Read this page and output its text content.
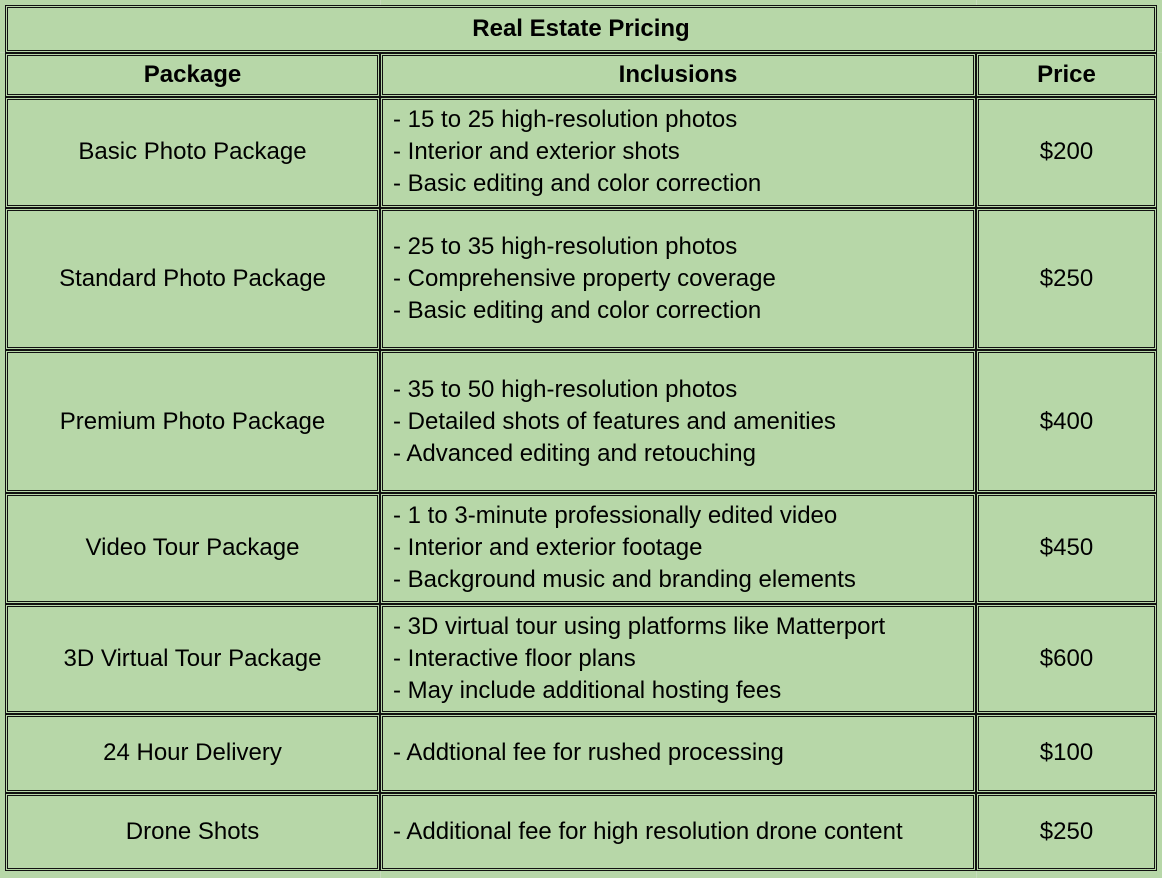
Real Estate Pricing		
Package	Inclusions	Price
Basic Photo Package	- 15 to 25 high-resolution photos
- Interior and exterior shots
- Basic editing and color correction	$200
Standard Photo Package	- 25 to 35 high-resolution photos
- Comprehensive property coverage
- Basic editing and color correction	$250
Premium Photo Package	- 35 to 50 high-resolution photos
- Detailed shots of features and amenities
- Advanced editing and retouching	$400
Video Tour Package	- 1 to 3-minute professionally edited video
- Interior and exterior footage
- Background music and branding elements	$450
3D Virtual Tour Package	- 3D virtual tour using platforms like Matterport
- Interactive floor plans
- May include additional hosting fees	$600
24 Hour Delivery	- Addtional fee for rushed processing	$100
Drone Shots	- Additional fee for high resolution drone content	$250
